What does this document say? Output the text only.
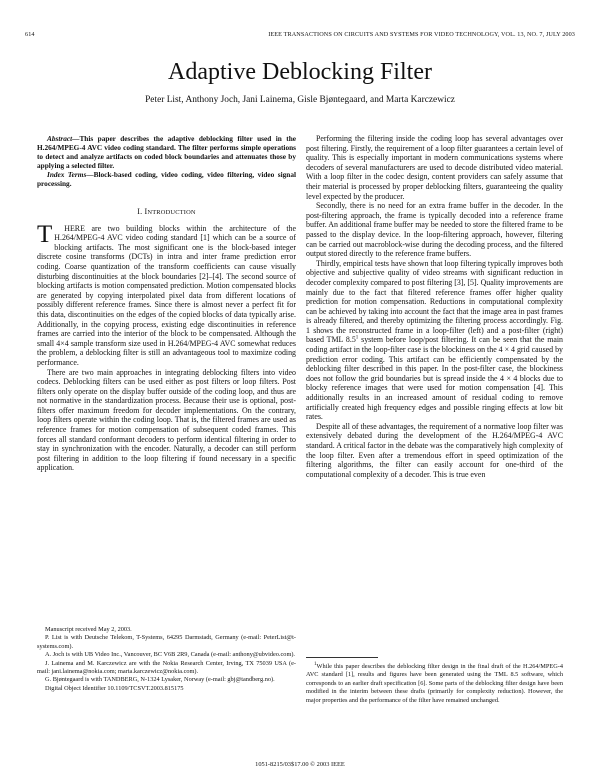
614	IEEE TRANSACTIONS ON CIRCUITS AND SYSTEMS FOR VIDEO TECHNOLOGY, VOL. 13, NO. 7, JULY 2003
Adaptive Deblocking Filter
Peter List, Anthony Joch, Jani Lainema, Gisle Bjøntegaard, and Marta Karczewicz

Abstract—This paper describes the adaptive deblocking filter used in the H.264/MPEG-4 AVC video coding standard. The filter performs simple operations to detect and analyze artifacts on coded block boundaries and attenuates those by applying a selected filter.

Index Terms—Block-based coding, video coding, video filtering, video signal processing.

I. INTRODUCTION

T HERE are two building blocks within the architecture of the H.264/MPEG-4 AVC video coding standard [1] which can be a source of blocking artifacts. The most significant one is the block-based integer discrete cosine transforms (DCTs) in intra and inter frame prediction error coding. Coarse quantization of the transform coefficients can cause visually disturbing discontinuities at the block boundaries [2]–[4]. The second source of blocking artifacts is motion compensated prediction. Motion compensated blocks are generated by copying interpolated pixel data from different locations of possibly different reference frames. Since there is almost never a perfect fit for this data, discontinuities on the edges of the copied blocks of data typically arise. Additionally, in the copying process, existing edge discontinuities in reference frames are carried into the interior of the block to be compensated. Although the small 4×4 sample transform size used in H.264/MPEG-4 AVC somewhat reduces the problem, a deblocking filter is still an advantageous tool to maximize coding performance.

There are two main approaches in integrating deblocking filters into video codecs. Deblocking filters can be used either as post filters or loop filters. Post filters only operate on the display buffer outside of the coding loop, and thus are not normative in the standardization process. Because their use is optional, post-filters offer maximum freedom for decoder implementations. On the contrary, loop filters operate within the coding loop. That is, the filtered frames are used as reference frames for motion compensation of subsequent coded frames. This forces all standard conformant decoders to perform identical filtering in order to stay in synchronization with the encoder. Naturally, a decoder can still perform post filtering in addition to the loop filtering if found necessary in a specific application.

Manuscript received May 2, 2003.

P. List is with Deutsche Telekom, T-Systems, 64295 Darmstadt, Germany (e-mail: PeterList@t-systems.com).

A. Joch is with UB Video Inc., Vancouver, BC V6B 2R9, Canada (e-mail: anthony@ubvideo.com).

J. Lainema and M. Karczewicz are with the Nokia Research Center, Irving, TX 75039 USA (e-mail: jani.lainema@nokia.com; marta.karczewicz@nokia.com).

G. Bjøntegaard is with TANDBERG, N-1324 Lysaker, Norway (e-mail: gbj@tandberg.no).

Digital Object Identifier 10.1109/TCSVT.2003.815175

Performing the filtering inside the coding loop has several advantages over post filtering. Firstly, the requirement of a loop filter guarantees a certain level of quality. This is especially important in modern communications systems where decoders of several manufacturers are used to decode distributed video material. With a loop filter in the codec design, content providers can safely assume that their material is processed by proper deblocking filters, guaranteeing the quality level expected by the producer.

Secondly, there is no need for an extra frame buffer in the decoder. In the post-filtering approach, the frame is typically decoded into a reference frame buffer. An additional frame buffer may be needed to store the filtered frame to be passed to the display device. In the loop-filtering approach, however, filtering can be carried out macroblock-wise during the decoding process, and the filtered output stored directly to the reference frame buffers.

Thirdly, empirical tests have shown that loop filtering typically improves both objective and subjective quality of video streams with significant reduction in decoder complexity compared to post filtering [3], [5]. Quality improvements are mainly due to the fact that filtered reference frames offer higher quality prediction for motion compensation. Reductions in computational complexity can be achieved by taking into account the fact that the image area in past frames is already filtered, and thereby optimizing the filtering process accordingly. Fig. 1 shows the reconstructed frame in a loop-filter (left) and a post-filter (right) based TML $8.5^1$ system before loop/post filtering. It can be seen that the main coding artifact in the loop-filter case is the blockiness on the 4 × 4 grid caused by prediction error coding. This artifact can be efficiently compensated by the deblocking filter described in this paper. In the post-filter case, the blockiness does not follow the grid boundaries but is spread inside the 4 × 4 blocks due to blocky reference images that were used for motion compensation [4]. This additionally results in an increased amount of residual coding to remove artificially created high frequency edges and possible ringing effects at low bit rates.

Despite all of these advantages, the requirement of a normative loop filter was extensively debated during the development of the H.264/MPEG-4 AVC standard. A critical factor in the debate was the comparatively high complexity of the loop filter. Even after a tremendous effort in speed optimization of the filtering algorithms, the filter can easily account for one-third of the computational complexity of a decoder. This is true even

$^1$While this paper describes the deblocking filter design in the final draft of the H.264/MPEG-4 AVC standard [1], results and figures have been generated using the TML 8.5 software, which corresponds to an earlier draft specification [6]. Some parts of the deblocking filter design have been modified in the interim between these drafts (primarily for complexity reduction). However, the major properties and the performance of the filter have remained unchanged.

1051-8215/03$17.00 © 2003 IEEE
